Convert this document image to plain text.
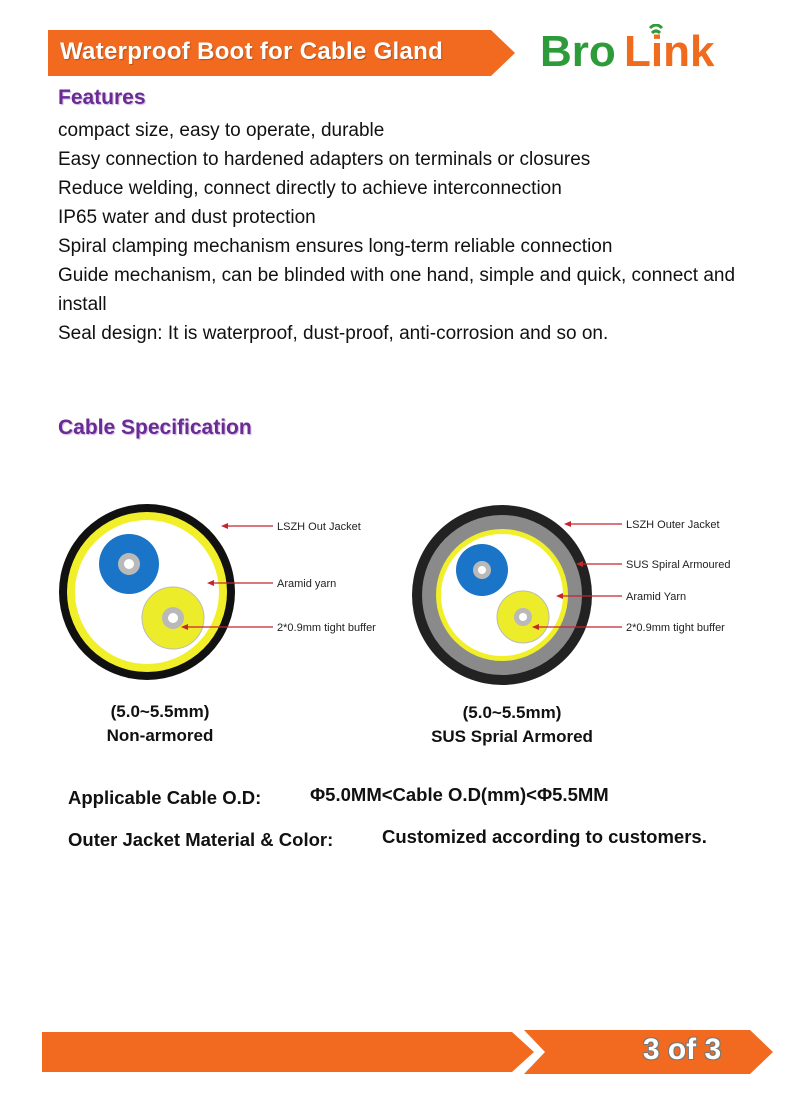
Waterproof Boot for Cable Gland Bro Link
Features
compact size, easy to operate, durable
Easy connection to hardened adapters on terminals or closures
Reduce welding, connect directly to achieve interconnection
IP65 water and dust protection
Spiral clamping mechanism ensures long-term reliable connection
Guide mechanism, can be blinded with one hand, simple and quick, connect and install
Seal design: It is waterproof, dust-proof, anti-corrosion and so on.
Cable Specification
LSZH Out Jacket
Aramid yarn
2*0.9mm tight buffer
LSZH Outer Jacket
SUS Spiral Armoured
Aramid Yarn
2*0.9mm tight buffer
(5.0~5.5mm)
Non-armored
(5.0~5.5mm)
SUS Sprial Armored
Applicable Cable O.D:	Φ5.0MM<Cable O.D(mm)<Φ5.5MM
Outer Jacket Material & Color:	Customized according to customers.
3 of 3
